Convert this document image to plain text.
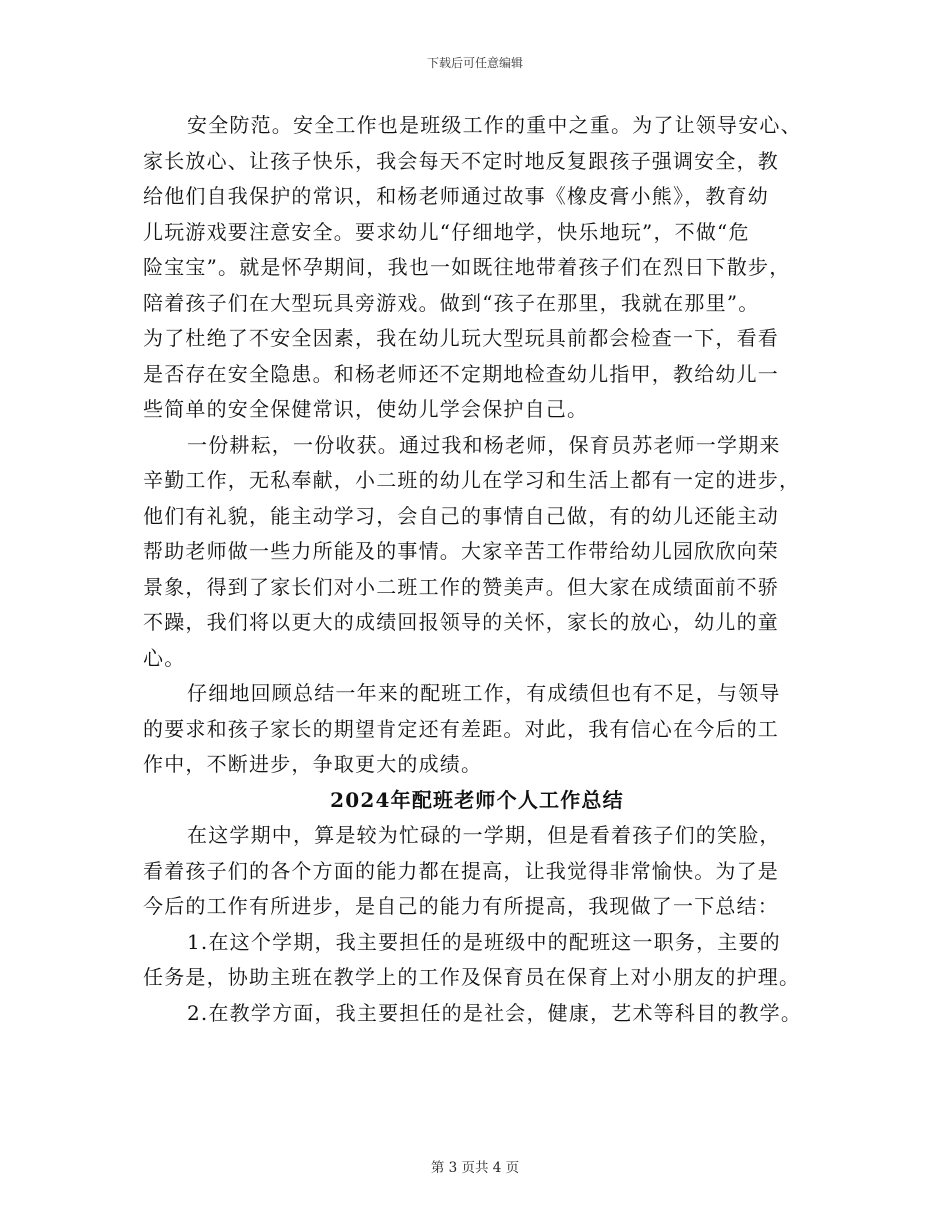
下载后可任意编辑
安全防范。安全工作也是班级工作的重中之重。为了让领导安心、
家长放心、让孩子快乐，我会每天不定时地反复跟孩子强调安全，教
给他们自我保护的常识，和杨老师通过故事《橡皮膏小熊》，教育幼
儿玩游戏要注意安全。要求幼儿“仔细地学，快乐地玩”，不做“危
险宝宝”。就是怀孕期间，我也一如既往地带着孩子们在烈日下散步，
陪着孩子们在大型玩具旁游戏。做到“孩子在那里，我就在那里”。
为了杜绝了不安全因素，我在幼儿玩大型玩具前都会检查一下，看看
是否存在安全隐患。和杨老师还不定期地检查幼儿指甲，教给幼儿一
些简单的安全保健常识，使幼儿学会保护自己。
一份耕耘，一份收获。通过我和杨老师，保育员苏老师一学期来
辛勤工作，无私奉献，小二班的幼儿在学习和生活上都有一定的进步，
他们有礼貌，能主动学习，会自己的事情自己做，有的幼儿还能主动
帮助老师做一些力所能及的事情。大家辛苦工作带给幼儿园欣欣向荣
景象，得到了家长们对小二班工作的赞美声。但大家在成绩面前不骄
不躁，我们将以更大的成绩回报领导的关怀，家长的放心，幼儿的童
心。
仔细地回顾总结一年来的配班工作，有成绩但也有不足，与领导
的要求和孩子家长的期望肯定还有差距。对此，我有信心在今后的工
作中，不断进步，争取更大的成绩。
2024年配班老师个人工作总结
在这学期中，算是较为忙碌的一学期，但是看着孩子们的笑脸，
看着孩子们的各个方面的能力都在提高，让我觉得非常愉快。为了是
今后的工作有所进步，是自己的能力有所提高，我现做了一下总结：
1.在这个学期，我主要担任的是班级中的配班这一职务，主要的
任务是，协助主班在教学上的工作及保育员在保育上对小朋友的护理。
2.在教学方面，我主要担任的是社会，健康，艺术等科目的教学。
第 3 页共 4 页
